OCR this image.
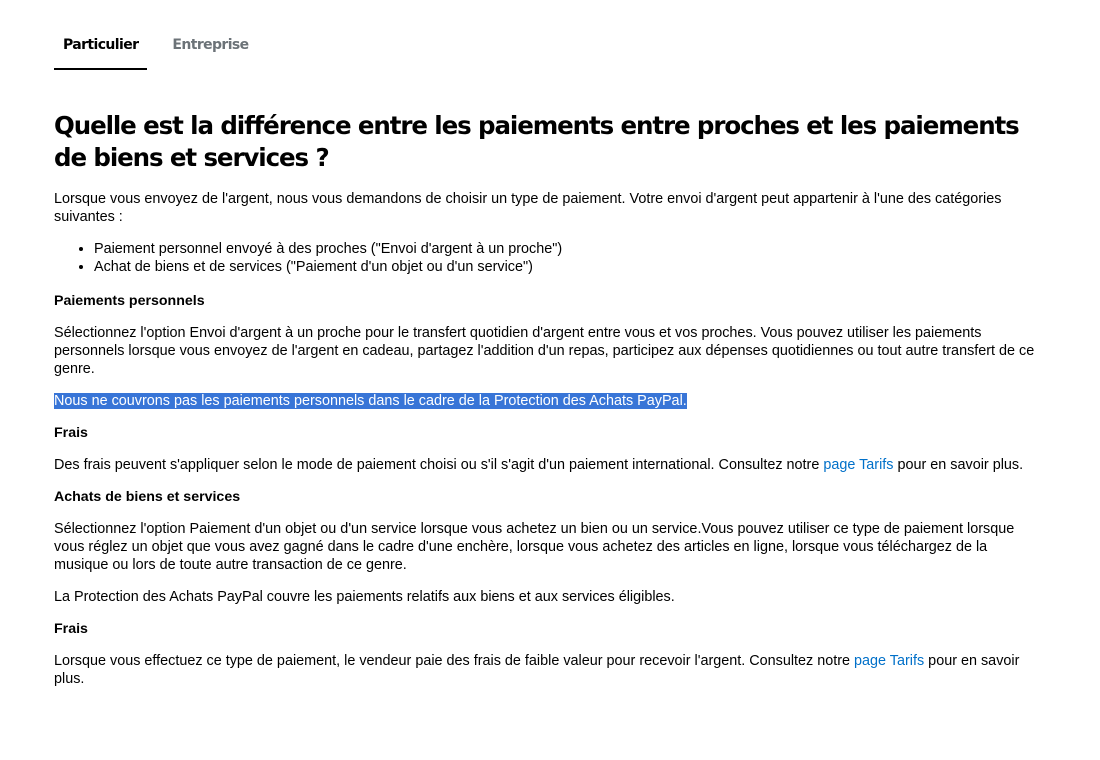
Particulier	Entreprise
Quelle est la différence entre les paiements entre proches et les paiements de biens et services ?

Lorsque vous envoyez de l'argent, nous vous demandons de choisir un type de paiement. Votre envoi d'argent peut appartenir à l'une des catégories suivantes :

• Paiement personnel envoyé à des proches ("Envoi d'argent à un proche")
• Achat de biens et de services ("Paiement d'un objet ou d'un service")

Paiements personnels

Sélectionnez l'option Envoi d'argent à un proche pour le transfert quotidien d'argent entre vous et vos proches. Vous pouvez utiliser les paiements personnels lorsque vous envoyez de l'argent en cadeau, partagez l'addition d'un repas, participez aux dépenses quotidiennes ou tout autre transfert de ce genre.

Nous ne couvrons pas les paiements personnels dans le cadre de la Protection des Achats PayPal.

Frais

Des frais peuvent s'appliquer selon le mode de paiement choisi ou s'il s'agit d'un paiement international. Consultez notre page Tarifs pour en savoir plus.

Achats de biens et services

Sélectionnez l'option Paiement d'un objet ou d'un service lorsque vous achetez un bien ou un service.Vous pouvez utiliser ce type de paiement lorsque vous réglez un objet que vous avez gagné dans le cadre d'une enchère, lorsque vous achetez des articles en ligne, lorsque vous téléchargez de la musique ou lors de toute autre transaction de ce genre.

La Protection des Achats PayPal couvre les paiements relatifs aux biens et aux services éligibles.

Frais

Lorsque vous effectuez ce type de paiement, le vendeur paie des frais de faible valeur pour recevoir l'argent. Consultez notre page Tarifs pour en savoir plus.
